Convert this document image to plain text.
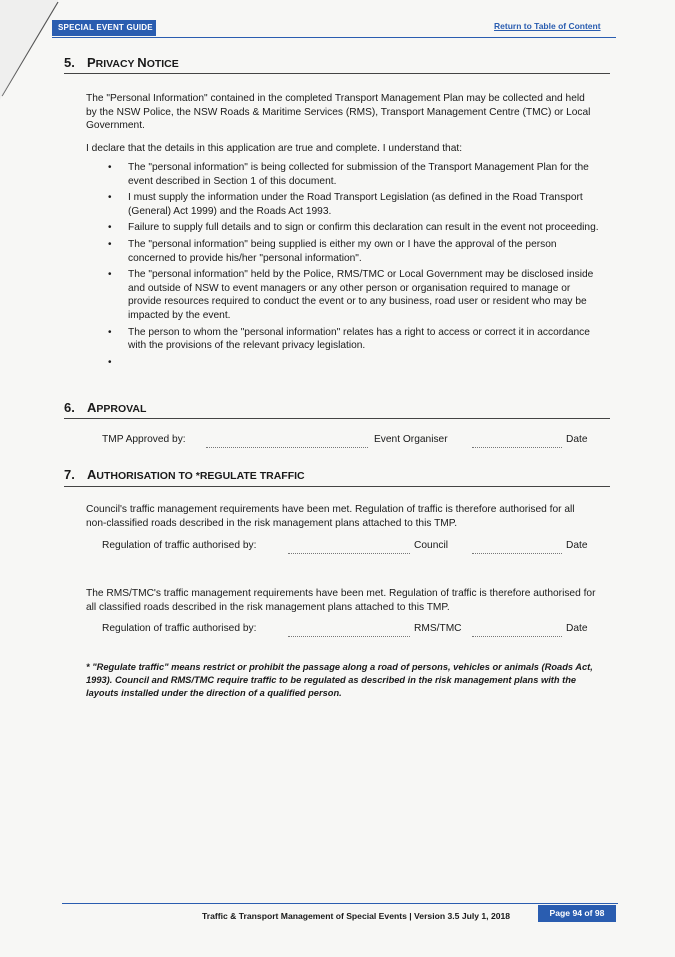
SPECIAL EVENT GUIDE	Return to Table of Content
5. PRIVACY NOTICE
The "Personal Information" contained in the completed Transport Management Plan may be collected and held by the NSW Police, the NSW Roads & Maritime Services (RMS), Transport Management Centre (TMC) or Local Government.
I declare that the details in this application are true and complete. I understand that:
• The "personal information" is being collected for submission of the Transport Management Plan for the event described in Section 1 of this document.
• I must supply the information under the Road Transport Legislation (as defined in the Road Transport (General) Act 1999) and the Roads Act 1993.
• Failure to supply full details and to sign or confirm this declaration can result in the event not proceeding.
• The "personal information" being supplied is either my own or I have the approval of the person concerned to provide his/her "personal information".
• The "personal information" held by the Police, RMS/TMC or Local Government may be disclosed inside and outside of NSW to event managers or any other person or organisation required to manage or provide resources required to conduct the event or to any business, road user or resident who may be impacted by the event.
• The person to whom the "personal information" relates has a right to access or correct it in accordance with the provisions of the relevant privacy legislation.
•
6. APPROVAL
TMP Approved by:	Event Organiser	Date
7. AUTHORISATION TO *REGULATE TRAFFIC
Council's traffic management requirements have been met. Regulation of traffic is therefore authorised for all non-classified roads described in the risk management plans attached to this TMP.
Regulation of traffic authorised by:	Council	Date
The RMS/TMC's traffic management requirements have been met. Regulation of traffic is therefore authorised for all classified roads described in the risk management plans attached to this TMP.
Regulation of traffic authorised by:	RMS/TMC	Date
* "Regulate traffic" means restrict or prohibit the passage along a road of persons, vehicles or animals (Roads Act, 1993). Council and RMS/TMC require traffic to be regulated as described in the risk management plans with the layouts installed under the direction of a qualified person.
Traffic & Transport Management of Special Events | Version 3.5 July 1, 2018	Page 94 of 98
